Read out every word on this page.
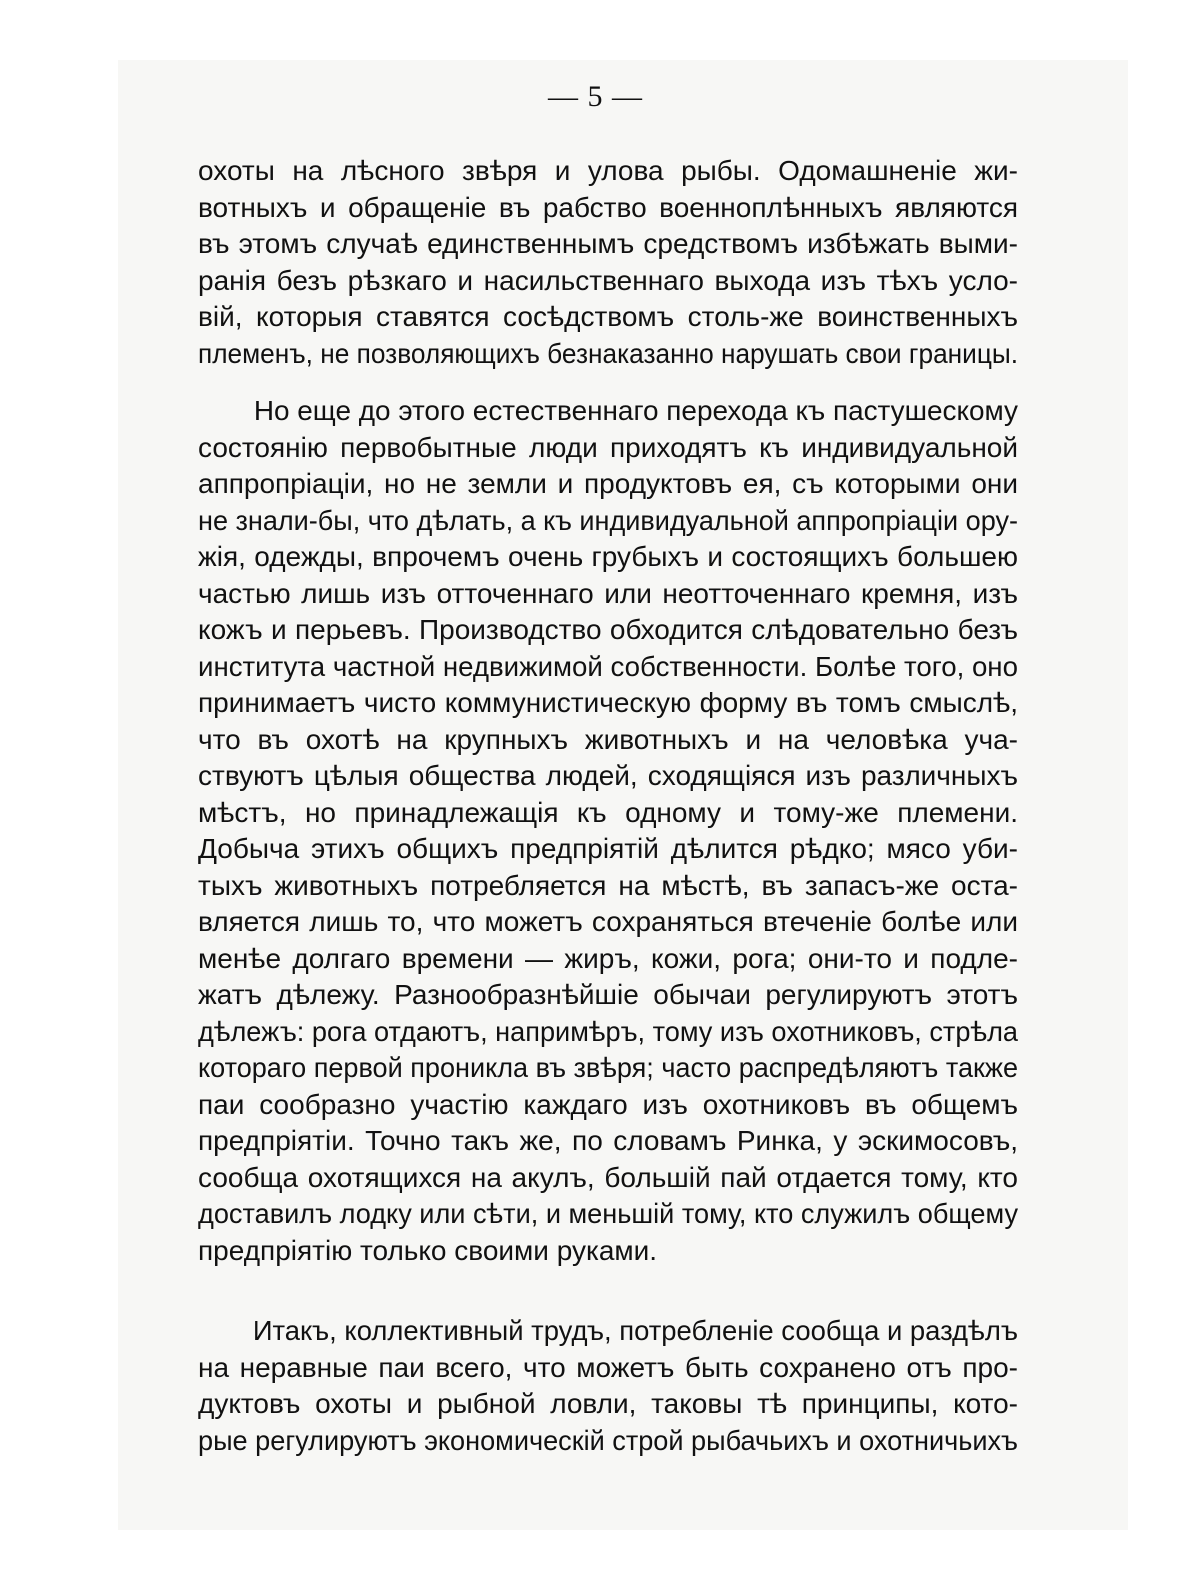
— 5 —
охоты на лѣсного звѣря и улова рыбы. Одомашненіе жи-
вотныхъ и обращеніе въ рабство военноплѣнныхъ являются
въ этомъ случаѣ единственнымъ средствомъ избѣжать выми-
ранія безъ рѣзкаго и насильственнаго выхода изъ тѣхъ усло-
вій, которыя ставятся сосѣдствомъ столь-же воинственныхъ
племенъ, не позволяющихъ безнаказанно нарушать свои границы.
Но еще до этого естественнаго перехода къ пастушескому
состоянію первобытные люди приходятъ къ индивидуальной
аппропріаціи, но не земли и продуктовъ ея, съ которыми они
не знали-бы, что дѣлать, а къ индивидуальной аппропріаціи ору-
жія, одежды, впрочемъ очень грубыхъ и состоящихъ большею
частью лишь изъ отточеннаго или неотточеннаго кремня, изъ
кожъ и перьевъ. Производство обходится слѣдовательно безъ
института частной недвижимой собственности. Болѣе того, оно
принимаетъ чисто коммунистическую форму въ томъ смыслѣ,
что въ охотѣ на крупныхъ животныхъ и на человѣка уча-
ствуютъ цѣлыя общества людей, сходящіяся изъ различныхъ
мѣстъ, но принадлежащія къ одному и тому-же племени.
Добыча этихъ общихъ предпріятій дѣлится рѣдко; мясо уби-
тыхъ животныхъ потребляется на мѣстѣ, въ запасъ-же оста-
вляется лишь то, что можетъ сохраняться втеченіе болѣе или
менѣе долгаго времени — жиръ, кожи, рога; они-то и подле-
жатъ дѣлежу. Разнообразнѣйшіе обычаи регулируютъ этотъ
дѣлежъ: рога отдаютъ, напримѣръ, тому изъ охотниковъ, стрѣла
котораго первой проникла въ звѣря; часто распредѣляютъ также
паи сообразно участію каждаго изъ охотниковъ въ общемъ
предпріятіи. Точно такъ же, по словамъ Ринка, у эскимосовъ,
сообща охотящихся на акулъ, большій пай отдается тому, кто
доставилъ лодку или сѣти, и меньшій тому, кто служилъ общему
предпріятію только своими руками.
Итакъ, коллективный трудъ, потребленіе сообща и раздѣлъ
на неравные паи всего, что можетъ быть сохранено отъ про-
дуктовъ охоты и рыбной ловли, таковы тѣ принципы, кото-
рые регулируютъ экономическій строй рыбачьихъ и охотничьихъ
